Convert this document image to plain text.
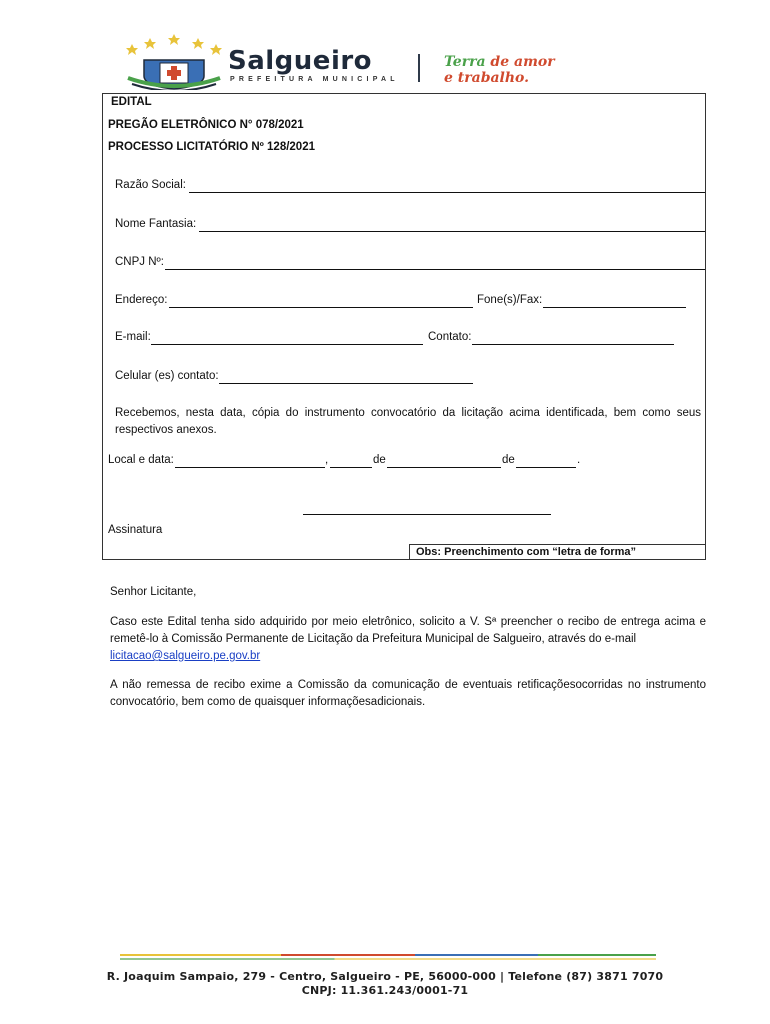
Salgueiro
PREFEITURA MUNICIPAL
Terra de amor
e trabalho.
EDITAL
PREGÃO ELETRÔNICO N° 078/2021
PROCESSO LICITATÓRIO Nº 128/2021
Razão Social:
Nome Fantasia:
CNPJ Nº:
Endereço:	Fone(s)/Fax:
E-mail:	Contato:
Celular (es) contato:
Recebemos, nesta data, cópia do instrumento convocatório da licitação acima identificada, bem como seus respectivos anexos.
Local e data:	,	de	de	.
Assinatura
Obs: Preenchimento com “letra de forma”
Senhor Licitante,
Caso este Edital tenha sido adquirido por meio eletrônico, solicito a V. Sª preencher o recibo de entrega acima e remetê-lo à Comissão Permanente de Licitação da Prefeitura Municipal de Salgueiro, através do e-mail
licitacao@salgueiro.pe.gov.br
A não remessa de recibo exime a Comissão da comunicação de eventuais retificaçõesocorridas no instrumento convocatório, bem como de quaisquer informaçõesadicionais.
R. Joaquim Sampaio, 279 - Centro, Salgueiro - PE, 56000-000 | Telefone (87) 3871 7070
CNPJ: 11.361.243/0001-71
